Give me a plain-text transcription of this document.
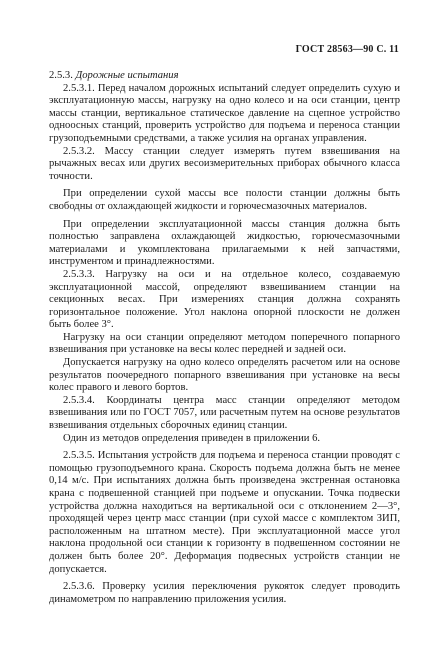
ГОСТ 28563—90 С. 11

2.5.3. Дорожные испытания

2.5.3.1. Перед началом дорожных испытаний следует определить сухую и эксплуатационную массы, нагрузку на одно колесо и на оси станции, центр массы станции, вертикальное статическое давление на сцепное устройство одноосных станций, проверить устройство для подъема и переноса станции грузоподъемными средствами, а также усилия на органах управления.

2.5.3.2. Массу станции следует измерять путем взвешивания на рычажных весах или других весоизмерительных приборах обычного класса точности.

При определении сухой массы все полости станции должны быть свободны от охлаждающей жидкости и горючесмазочных материалов.

При определении эксплуатационной массы станция должна быть полностью заправлена охлаждающей жидкостью, горючесмазочными материалами и укомплектована прилагаемыми к ней запчастями, инструментом и принадлежностями.

2.5.3.3. Нагрузку на оси и на отдельное колесо, создаваемую эксплуатационной массой, определяют взвешиванием станции на секционных весах. При измерениях станция должна сохранять горизонтальное положение. Угол наклона опорной плоскости не должен быть более 3°.

Нагрузку на оси станции определяют методом поперечного попарного взвешивания при установке на весы колес передней и задней оси.

Допускается нагрузку на одно колесо определять расчетом или на основе результатов поочередного попарного взвешивания при установке на весы колес правого и левого бортов.

2.5.3.4. Координаты центра масс станции определяют методом взвешивания или по ГОСТ 7057, или расчетным путем на основе результатов взвешивания отдельных сборочных единиц станции.

Один из методов определения приведен в приложении 6.

2.5.3.5. Испытания устройств для подъема и переноса станции проводят с помощью грузоподъемного крана. Скорость подъема должна быть не менее 0,14 м/с. При испытаниях должна быть произведена экстренная остановка крана с подвешенной станцией при подъеме и опускании. Точка подвески устройства должна находиться на вертикальной оси с отклонением 2—3°, проходящей через центр масс станции (при сухой массе с комплектом ЗИП, расположенным на штатном месте). При эксплуатационной массе угол наклона продольной оси станции к горизонту в подвешенном состоянии не должен быть более 20°. Деформация подвесных устройств станции не допускается.

2.5.3.6. Проверку усилия переключения рукояток следует проводить динамометром по направлению приложения усилия.
